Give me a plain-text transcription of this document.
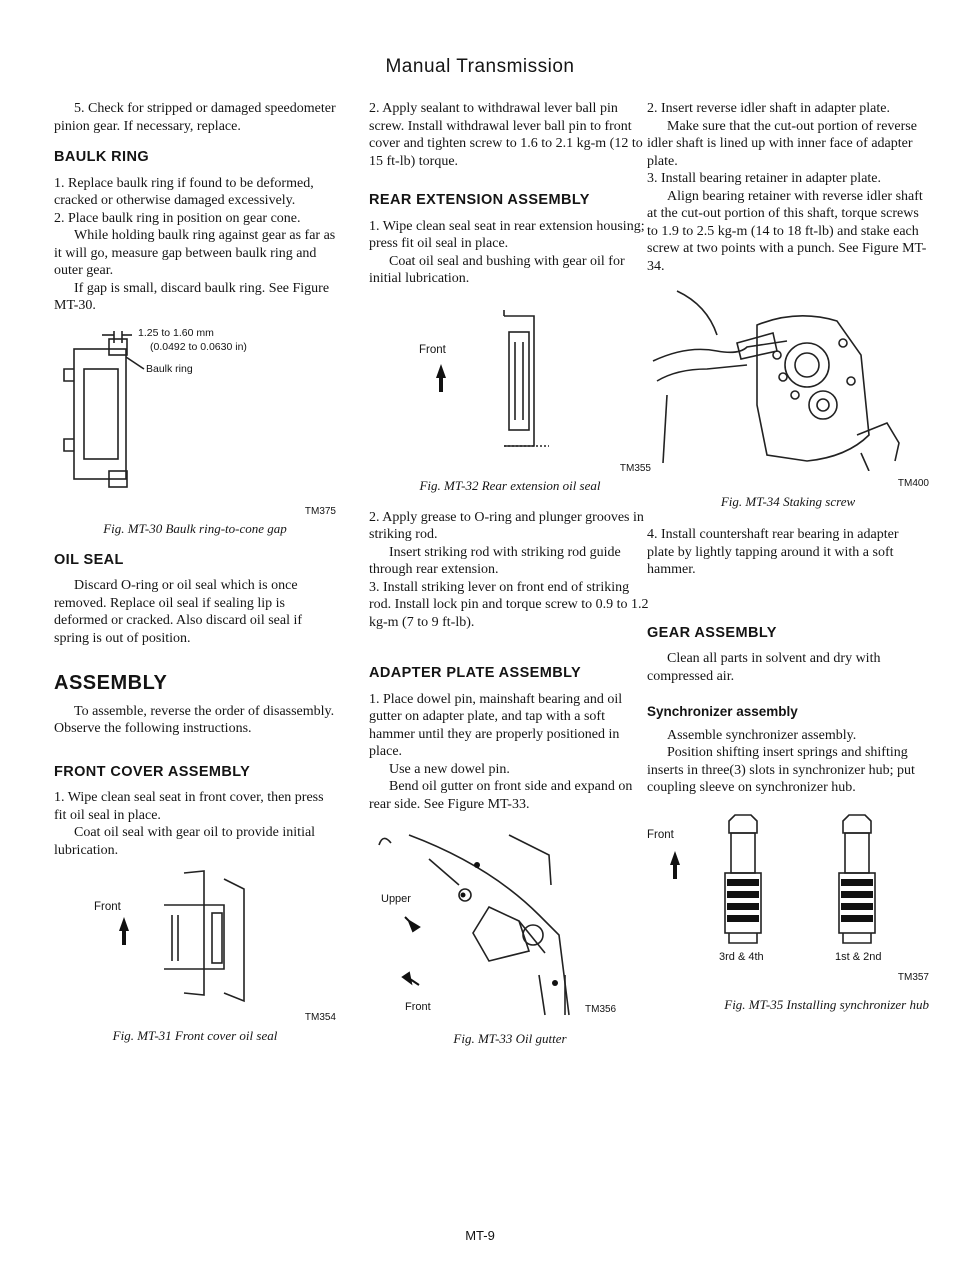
Manual Transmission

5. Check for stripped or damaged speedometer pinion gear. If necessary, replace.

BAULK RING

1. Replace baulk ring if found to be deformed, cracked or otherwise damaged excessively.

2. Place baulk ring in position on gear cone.

While holding baulk ring against gear as far as it will go, measure gap between baulk ring and outer gear.

If gap is small, discard baulk ring. See Figure MT-30.

1.25 to 1.60 mm
(0.0492 to 0.0630 in)
Baulk ring
TM375
Fig. MT-30 Baulk ring-to-cone gap
OIL SEAL

Discard O-ring or oil seal which is once removed. Replace oil seal if sealing lip is deformed or cracked. Also discard oil seal if spring is out of position.

ASSEMBLY

To assemble, reverse the order of disassembly. Observe the following instructions.

FRONT COVER ASSEMBLY

1. Wipe clean seal seat in front cover, then press fit oil seal in place.

Coat oil seal with gear oil to provide initial lubrication.

Front
TM354
Fig. MT-31 Front cover oil seal

2. Apply sealant to withdrawal lever ball pin screw. Install withdrawal lever ball pin to front cover and tighten screw to 1.6 to 2.1 kg-m (12 to 15 ft-lb) torque.

REAR EXTENSION ASSEMBLY

1. Wipe clean seal seat in rear extension housing; press fit oil seal in place.

Coat oil seal and bushing with gear oil for initial lubrication.

Front
TM355
Fig. MT-32 Rear extension oil seal

2. Apply grease to O-ring and plunger grooves in striking rod.

Insert striking rod with striking rod guide through rear extension.

3. Install striking lever on front end of striking rod. Install lock pin and torque screw to 0.9 to 1.2 kg-m (7 to 9 ft-lb).

ADAPTER PLATE ASSEMBLY

1. Place dowel pin, mainshaft bearing and oil gutter on adapter plate, and tap with a soft hammer until they are properly positioned in place.

Use a new dowel pin.

Bend oil gutter on front side and expand on rear side. See Figure MT-33.

Upper
Front	TM356
Fig. MT-33 Oil gutter

2. Insert reverse idler shaft in adapter plate.

Make sure that the cut-out portion of reverse idler shaft is lined up with inner face of adapter plate.

3. Install bearing retainer in adapter plate.

Align bearing retainer with reverse idler shaft at the cut-out portion of this shaft, torque screws to 1.9 to 2.5 kg-m (14 to 18 ft-lb) and stake each screw at two points with a punch. See Figure MT-34.

TM400
Fig. MT-34 Staking screw

4. Install countershaft rear bearing in adapter plate by lightly tapping around it with a soft hammer.

GEAR ASSEMBLY

Clean all parts in solvent and dry with compressed air.

Synchronizer assembly

Assemble synchronizer assembly.

Position shifting insert springs and shifting inserts in three(3) slots in synchronizer hub; put coupling sleeve on synchronizer hub.

Front
3rd & 4th	1st & 2nd
TM357
Fig. MT-35 Installing synchronizer hub
MT-9
